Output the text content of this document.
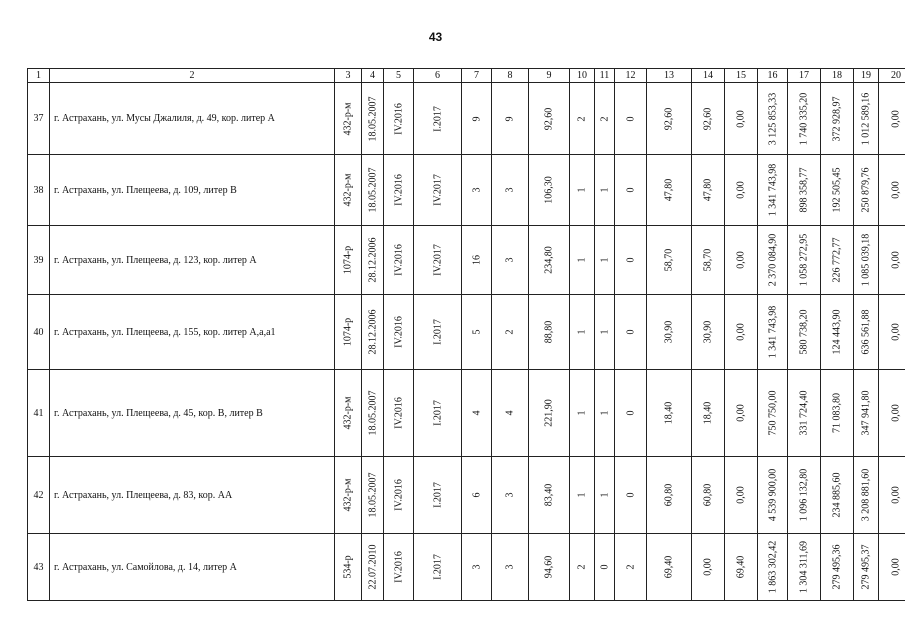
43
1	2	3	4	5	6	7	8	9	10	11	12	13	14	15	16	17	18	19	20

37	г. Астрахань, ул. Мусы Джалиля, д. 49, кор. литер А	432-р-м	18.05.2007	IV.2016	I.2017	9	9	92,60	2	2	0	92,60	92,60	0,00	3 125 853,33	1 740 335,20	372 928,97	1 012 589,16	0,00

38	г. Астрахань, ул. Плещеева, д. 109, литер В	432-р-м	18.05.2007	IV.2016	IV.2017	3	3	106,30	1	1	0	47,80	47,80	0,00	1 341 743,98	898 358,77	192 505,45	250 879,76	0,00

39	г. Астрахань, ул. Плещеева, д. 123, кор. литер А	1074-р	28.12.2006	IV.2016	IV.2017	16	3	234,80	1	1	0	58,70	58,70	0,00	2 370 084,90	1 058 272,95	226 772,77	1 085 039,18	0,00

40	г. Астрахань, ул. Плещеева, д. 155, кор. литер А,а,а1	1074-р	28.12.2006	IV.2016	I.2017	5	2	88,80	1	1	0	30,90	30,90	0,00	1 341 743,98	580 738,20	124 443,90	636 561,88	0,00

41	г. Астрахань, ул. Плещеева, д. 45, кор. В, литер В	432-р-м	18.05.2007	IV.2016	I.2017	4	4	221,90	1	1	0	18,40	18,40	0,00	750 750,00	331 724,40	71 083,80	347 941,80	0,00

42	г. Астрахань, ул. Плещеева, д. 83, кор. АА	432-р-м	18.05.2007	IV.2016	I.2017	6	3	83,40	1	1	0	60,80	60,80	0,00	4 539 900,00	1 096 132,80	234 885,60	3 208 881,60	0,00

43	г. Астрахань, ул. Самойлова, д. 14, литер А	534-р	22.07.2010	IV.2016	I.2017	3	3	94,60	2	0	2	69,40	0,00	69,40	1 863 302,42	1 304 311,69	279 495,36	279 495,37	0,00
